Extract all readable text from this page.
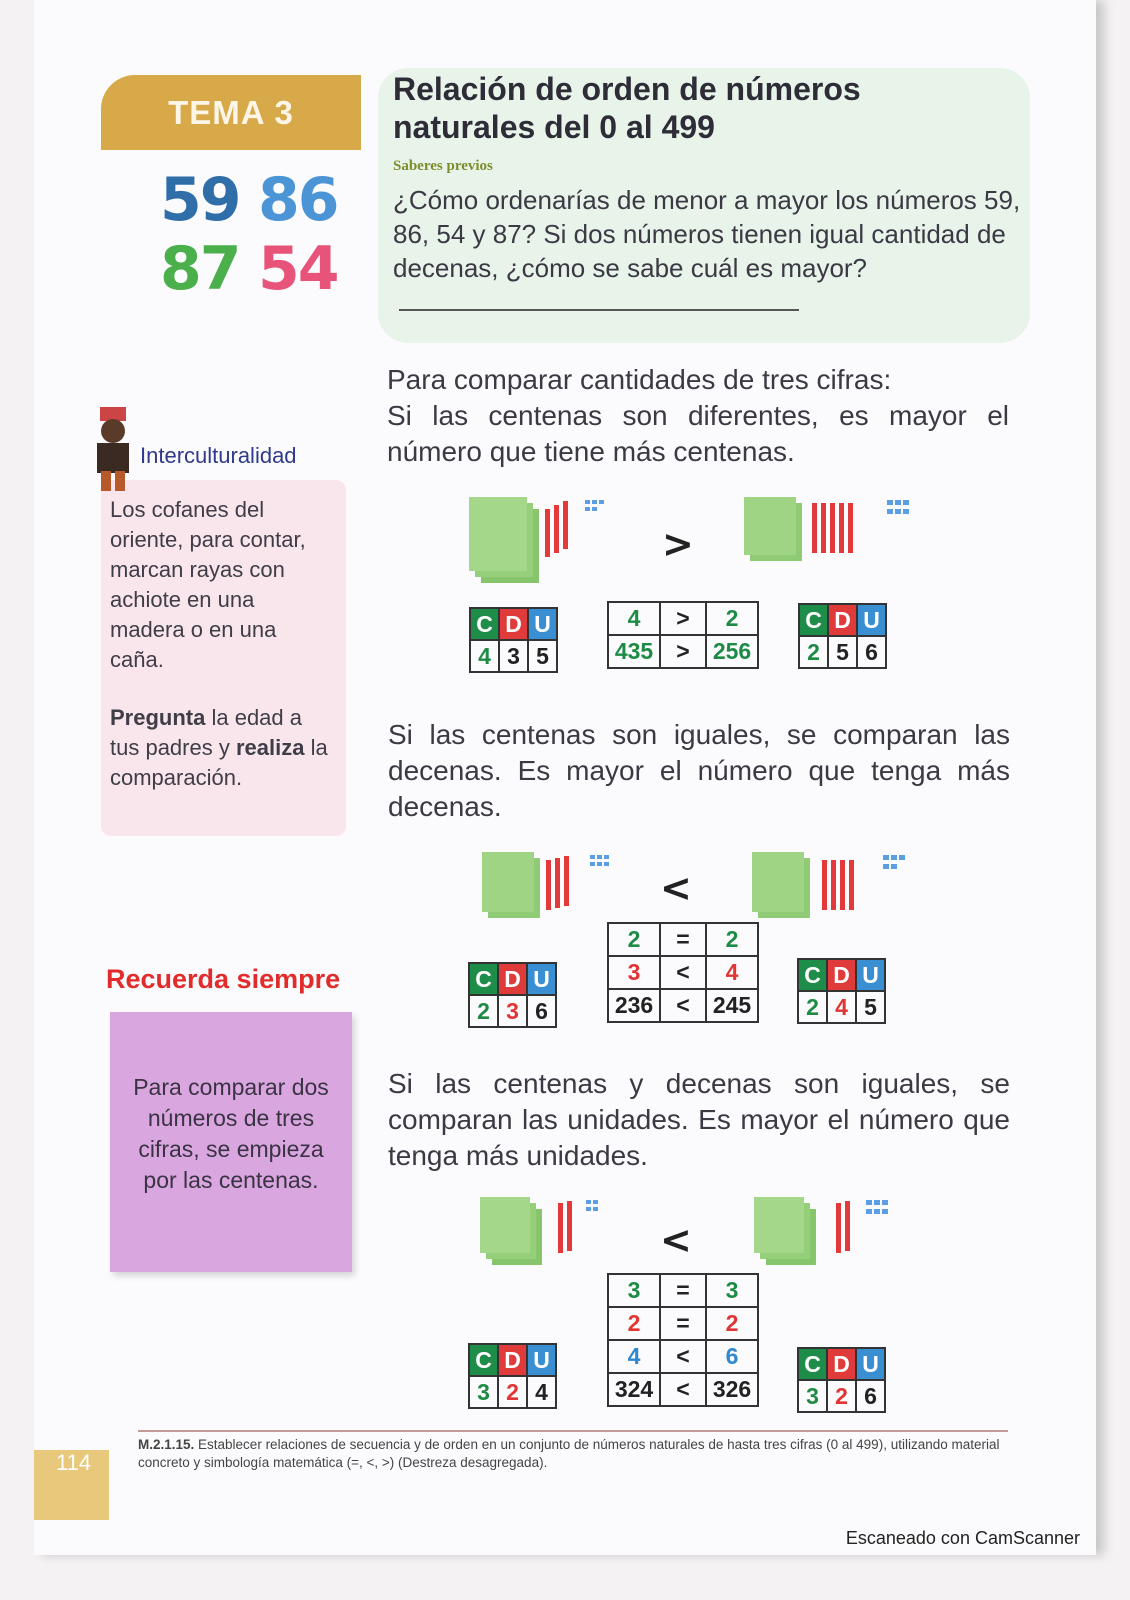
TEMA 3
59 86
87 54
Relación de orden de números
naturales del 0 al 499
Saberes previos
¿Cómo ordenarías de menor a mayor los números 59, 86, 54 y 87? Si dos números tienen igual cantidad de decenas, ¿cómo se sabe cuál es mayor?
Para comparar cantidades de tres cifras:
Si las centenas son diferentes, es mayor el número que tiene más centenas.
Interculturalidad
Los cofanes del oriente, para contar, marcan rayas con achiote en una madera o en una caña.
Pregunta la edad a tus padres y realiza la comparación.
>
C	D	U
4	3	5
4	>	2
435	>	256
C	D	U
2	5	6
Si las centenas son iguales, se comparan las decenas. Es mayor el número que tenga más decenas.
<
C	D	U
2	3	6
2	=	2
3	<	4
236	<	245
C	D	U
2	4	5
Recuerda siempre
Para comparar dos números de tres cifras, se empieza por las centenas.
Si las centenas y decenas son iguales, se comparan las unidades. Es mayor el número que tenga más unidades.
<
C	D	U
3	2	4
3	=	3
2	=	2
4	<	6
324	<	326
C	D	U
3	2	6
M.2.1.15. Establecer relaciones de secuencia y de orden en un conjunto de números naturales de hasta tres cifras (0 al 499), utilizando material concreto y simbología matemática (=, <, >) (Destreza desagregada).
114
Escaneado con CamScanner
